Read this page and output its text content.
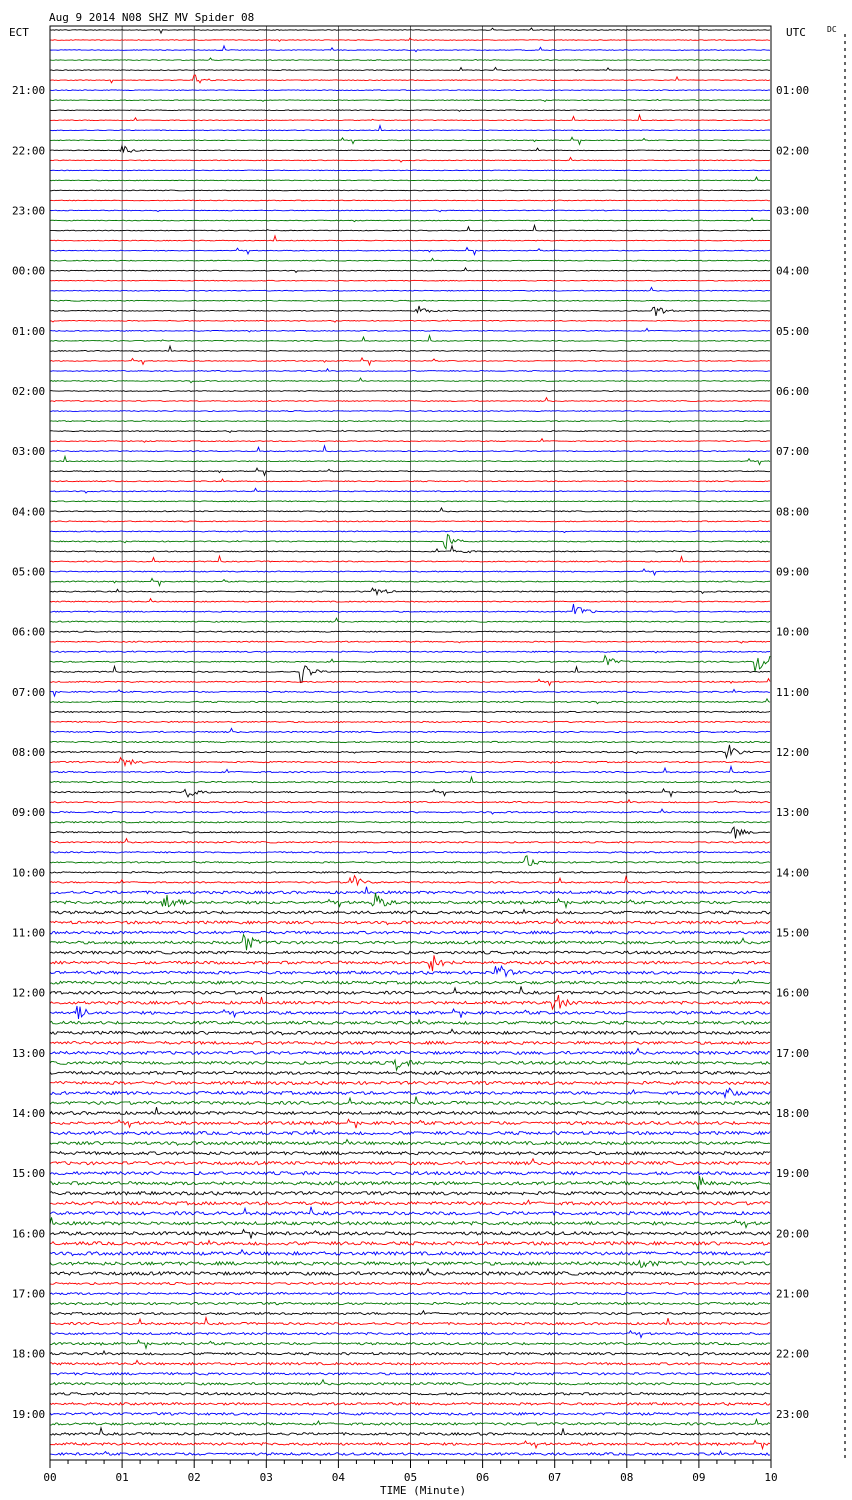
Aug 9 2014 N08 SHZ MV Spider 08
ECT	UTC	DC
21:00
22:00
23:00
00:00
01:00
02:00
03:00
04:00
05:00
06:00
07:00
08:00
09:00
10:00
11:00
12:00
13:00
14:00
15:00
16:00
17:00
18:00
19:00
01:00
02:00
03:00
04:00
05:00
06:00
07:00
08:00
09:00
10:00
11:00
12:00
13:00
14:00
15:00
16:00
17:00
18:00
19:00
20:00
21:00
22:00
23:00
00	01	02	03	04	05	06	07	08	09	10
TIME (Minute)
